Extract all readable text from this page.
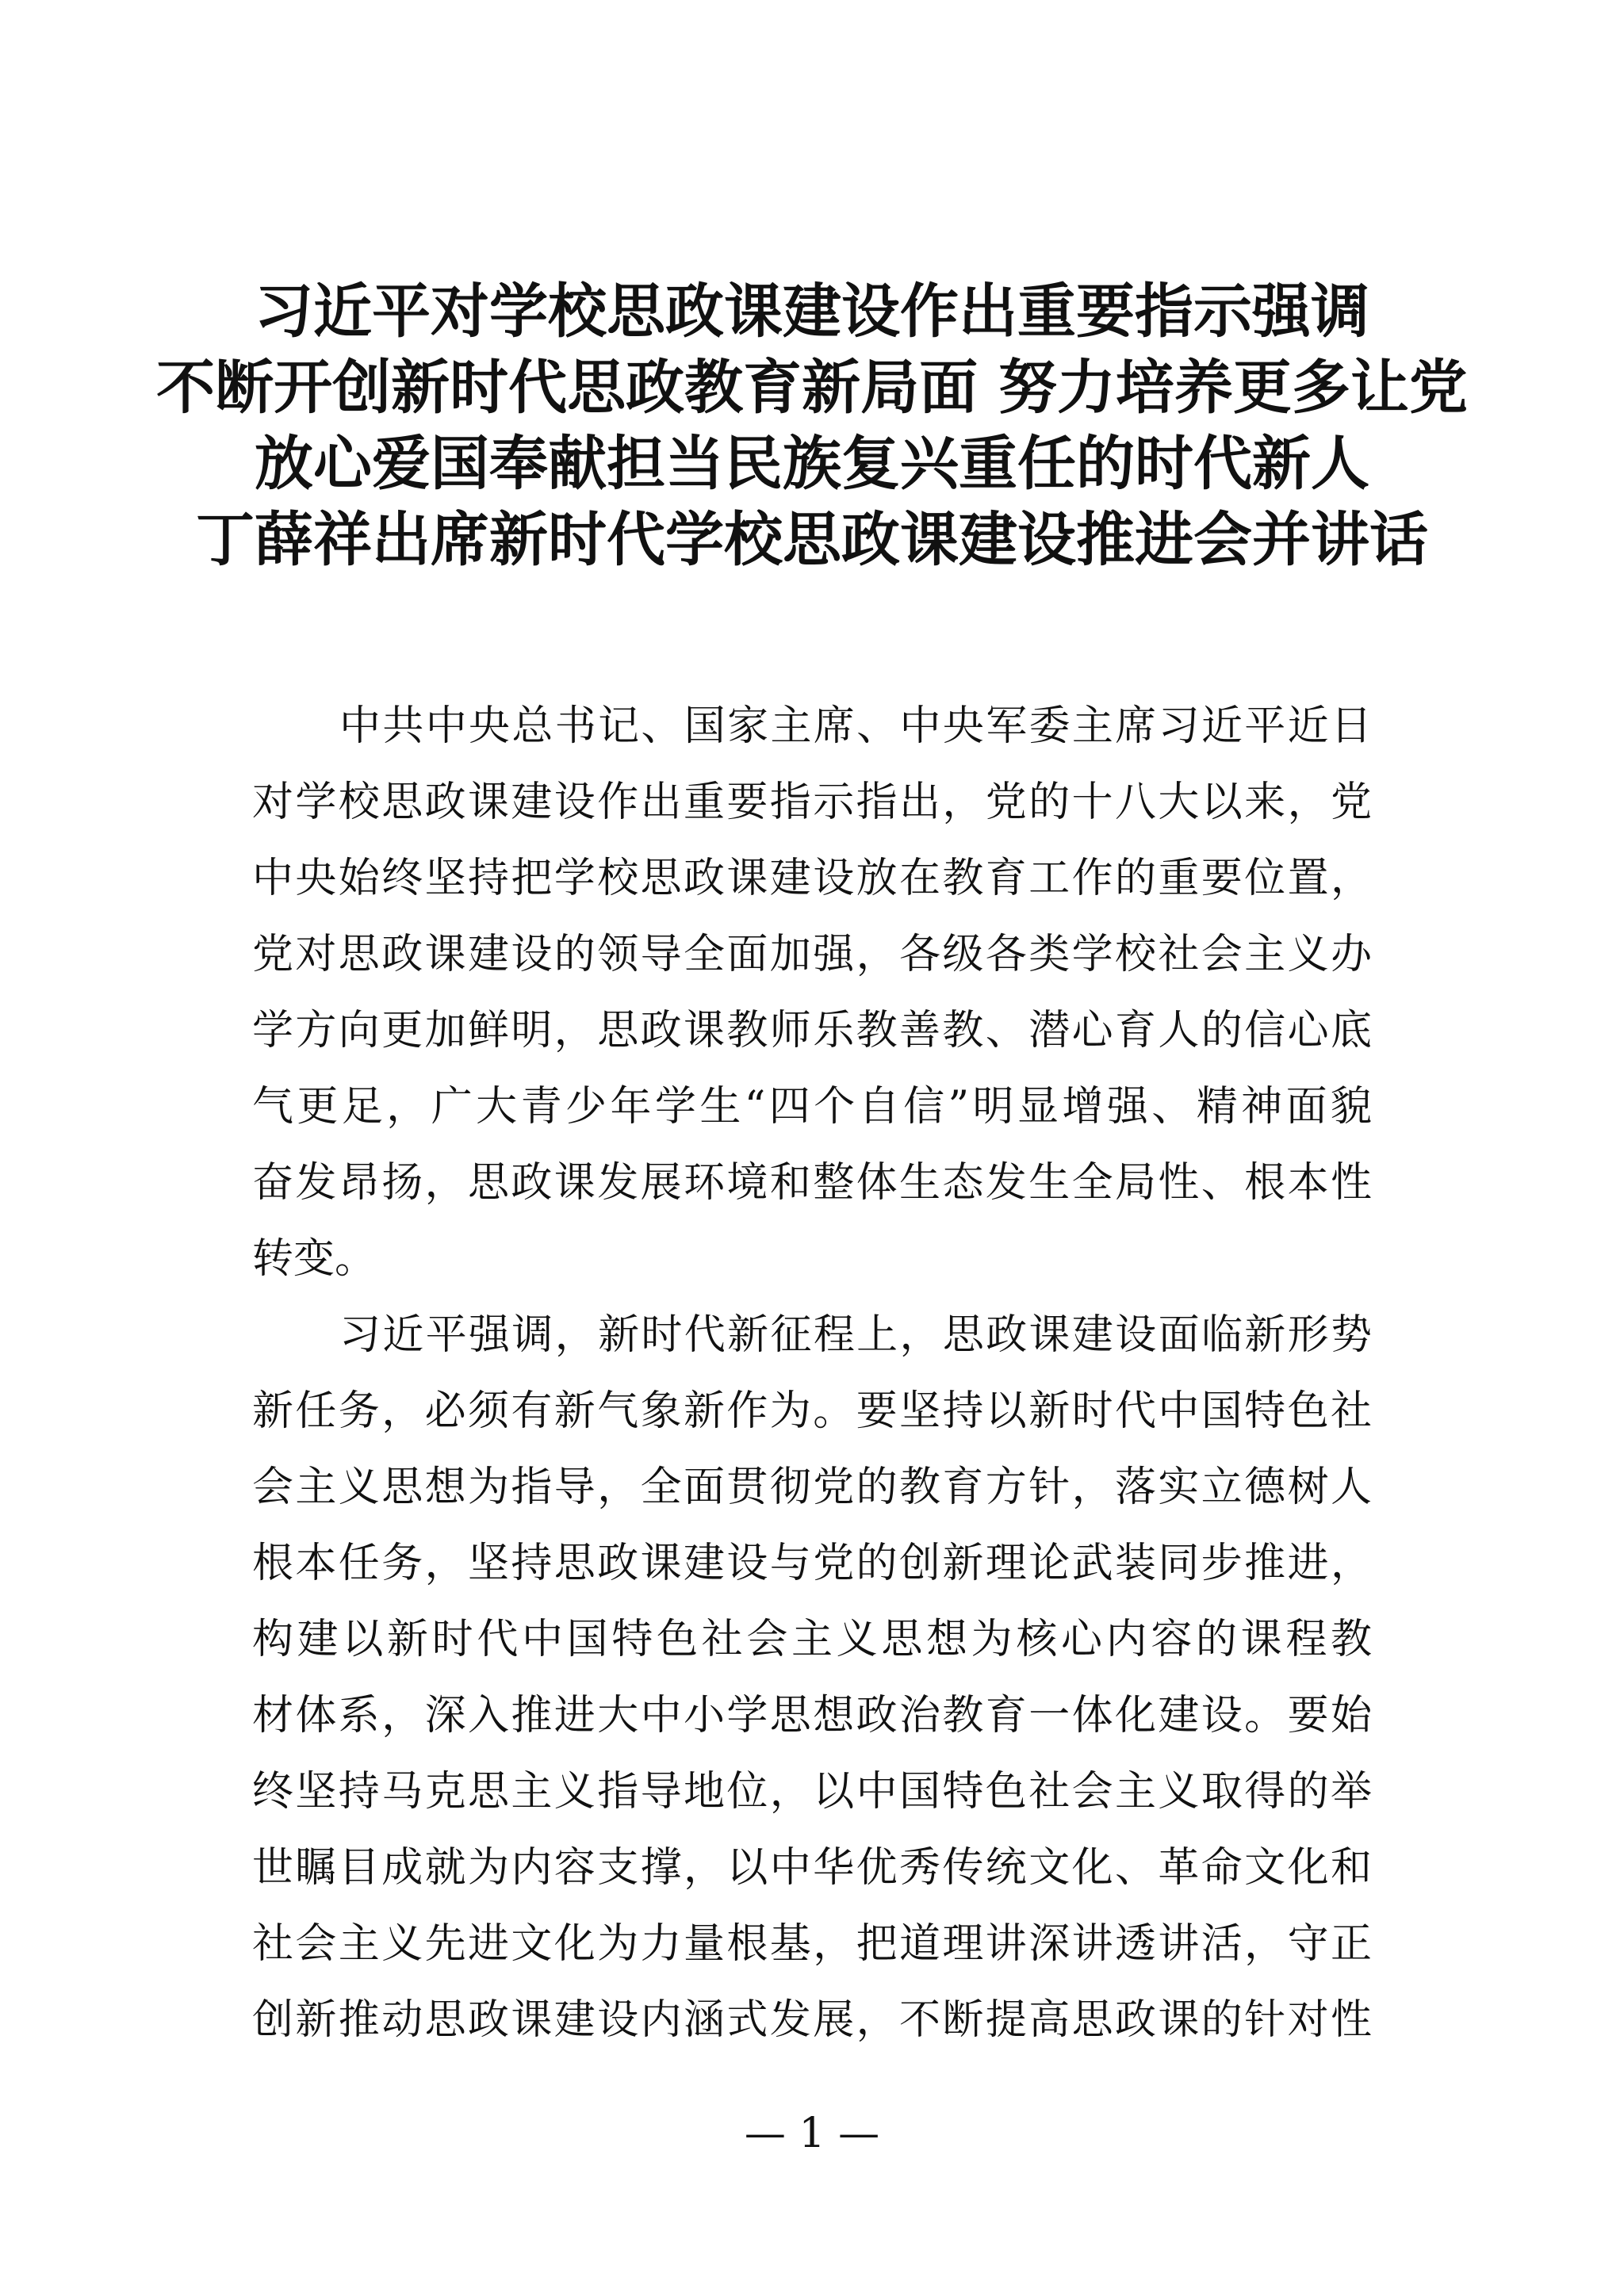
习近平对学校思政课建设作出重要指示强调
不断开创新时代思政教育新局面 努力培养更多让党
放心爱国奉献担当民族复兴重任的时代新人
丁薛祥出席新时代学校思政课建设推进会并讲话
中共中央总书记、国家主席、中央军委主席习近平近日
对学校思政课建设作出重要指示指出，党的十八大以来，党
中央始终坚持把学校思政课建设放在教育工作的重要位置，
党对思政课建设的领导全面加强，各级各类学校社会主义办
学方向更加鲜明，思政课教师乐教善教、潜心育人的信心底
气更足，广大青少年学生“四个自信”明显增强、精神面貌
奋发昂扬，思政课发展环境和整体生态发生全局性、根本性
转变。
习近平强调，新时代新征程上，思政课建设面临新形势
新任务，必须有新气象新作为。要坚持以新时代中国特色社
会主义思想为指导，全面贯彻党的教育方针，落实立德树人
根本任务，坚持思政课建设与党的创新理论武装同步推进，
构建以新时代中国特色社会主义思想为核心内容的课程教
材体系，深入推进大中小学思想政治教育一体化建设。要始
终坚持马克思主义指导地位，以中国特色社会主义取得的举
世瞩目成就为内容支撑，以中华优秀传统文化、革命文化和
社会主义先进文化为力量根基，把道理讲深讲透讲活，守正
创新推动思政课建设内涵式发展，不断提高思政课的针对性
— 1 —
